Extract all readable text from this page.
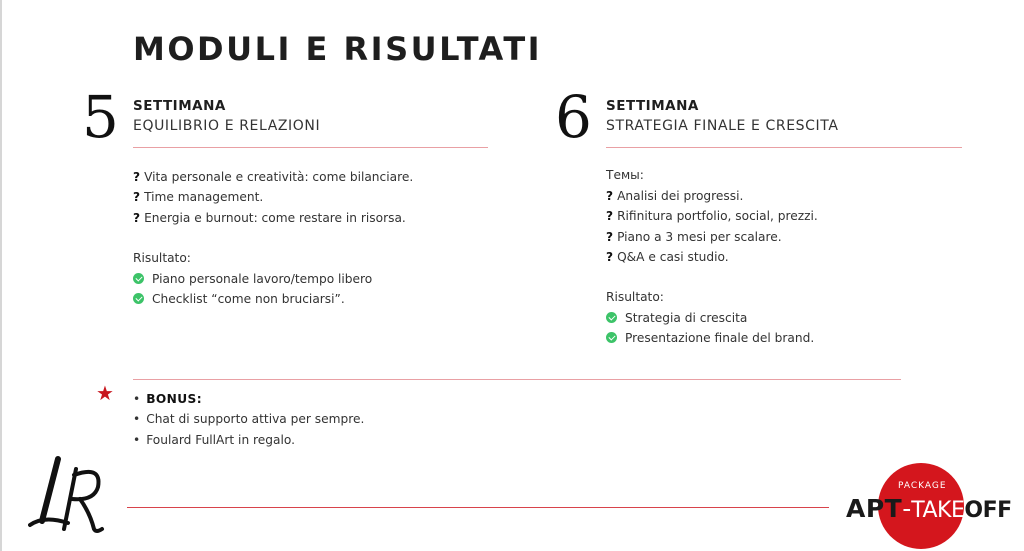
MODULI E RISULTATI
5 SETTIMANA
EQUILIBRIO E RELAZIONI
? Vita personale e creatività: come bilanciare.
? Time management.
? Energia e burnout: come restare in risorsa.
Risultato:
Piano personale lavoro/tempo libero
Checklist “come non bruciarsi”.
6 SETTIMANA
STRATEGIA FINALE E CRESCITA
Темы:
? Analisi dei progressi.
? Rifinitura portfolio, social, prezzi.
? Piano a 3 mesi per scalare.
? Q&A e casi studio.
Risultato:
Strategia di crescita
Presentazione finale del brand.
★ • BONUS:
• Chat di supporto attiva per sempre.
• Foulard FullArt in regalo.
PACKAGE
APT-TAKEOFF
